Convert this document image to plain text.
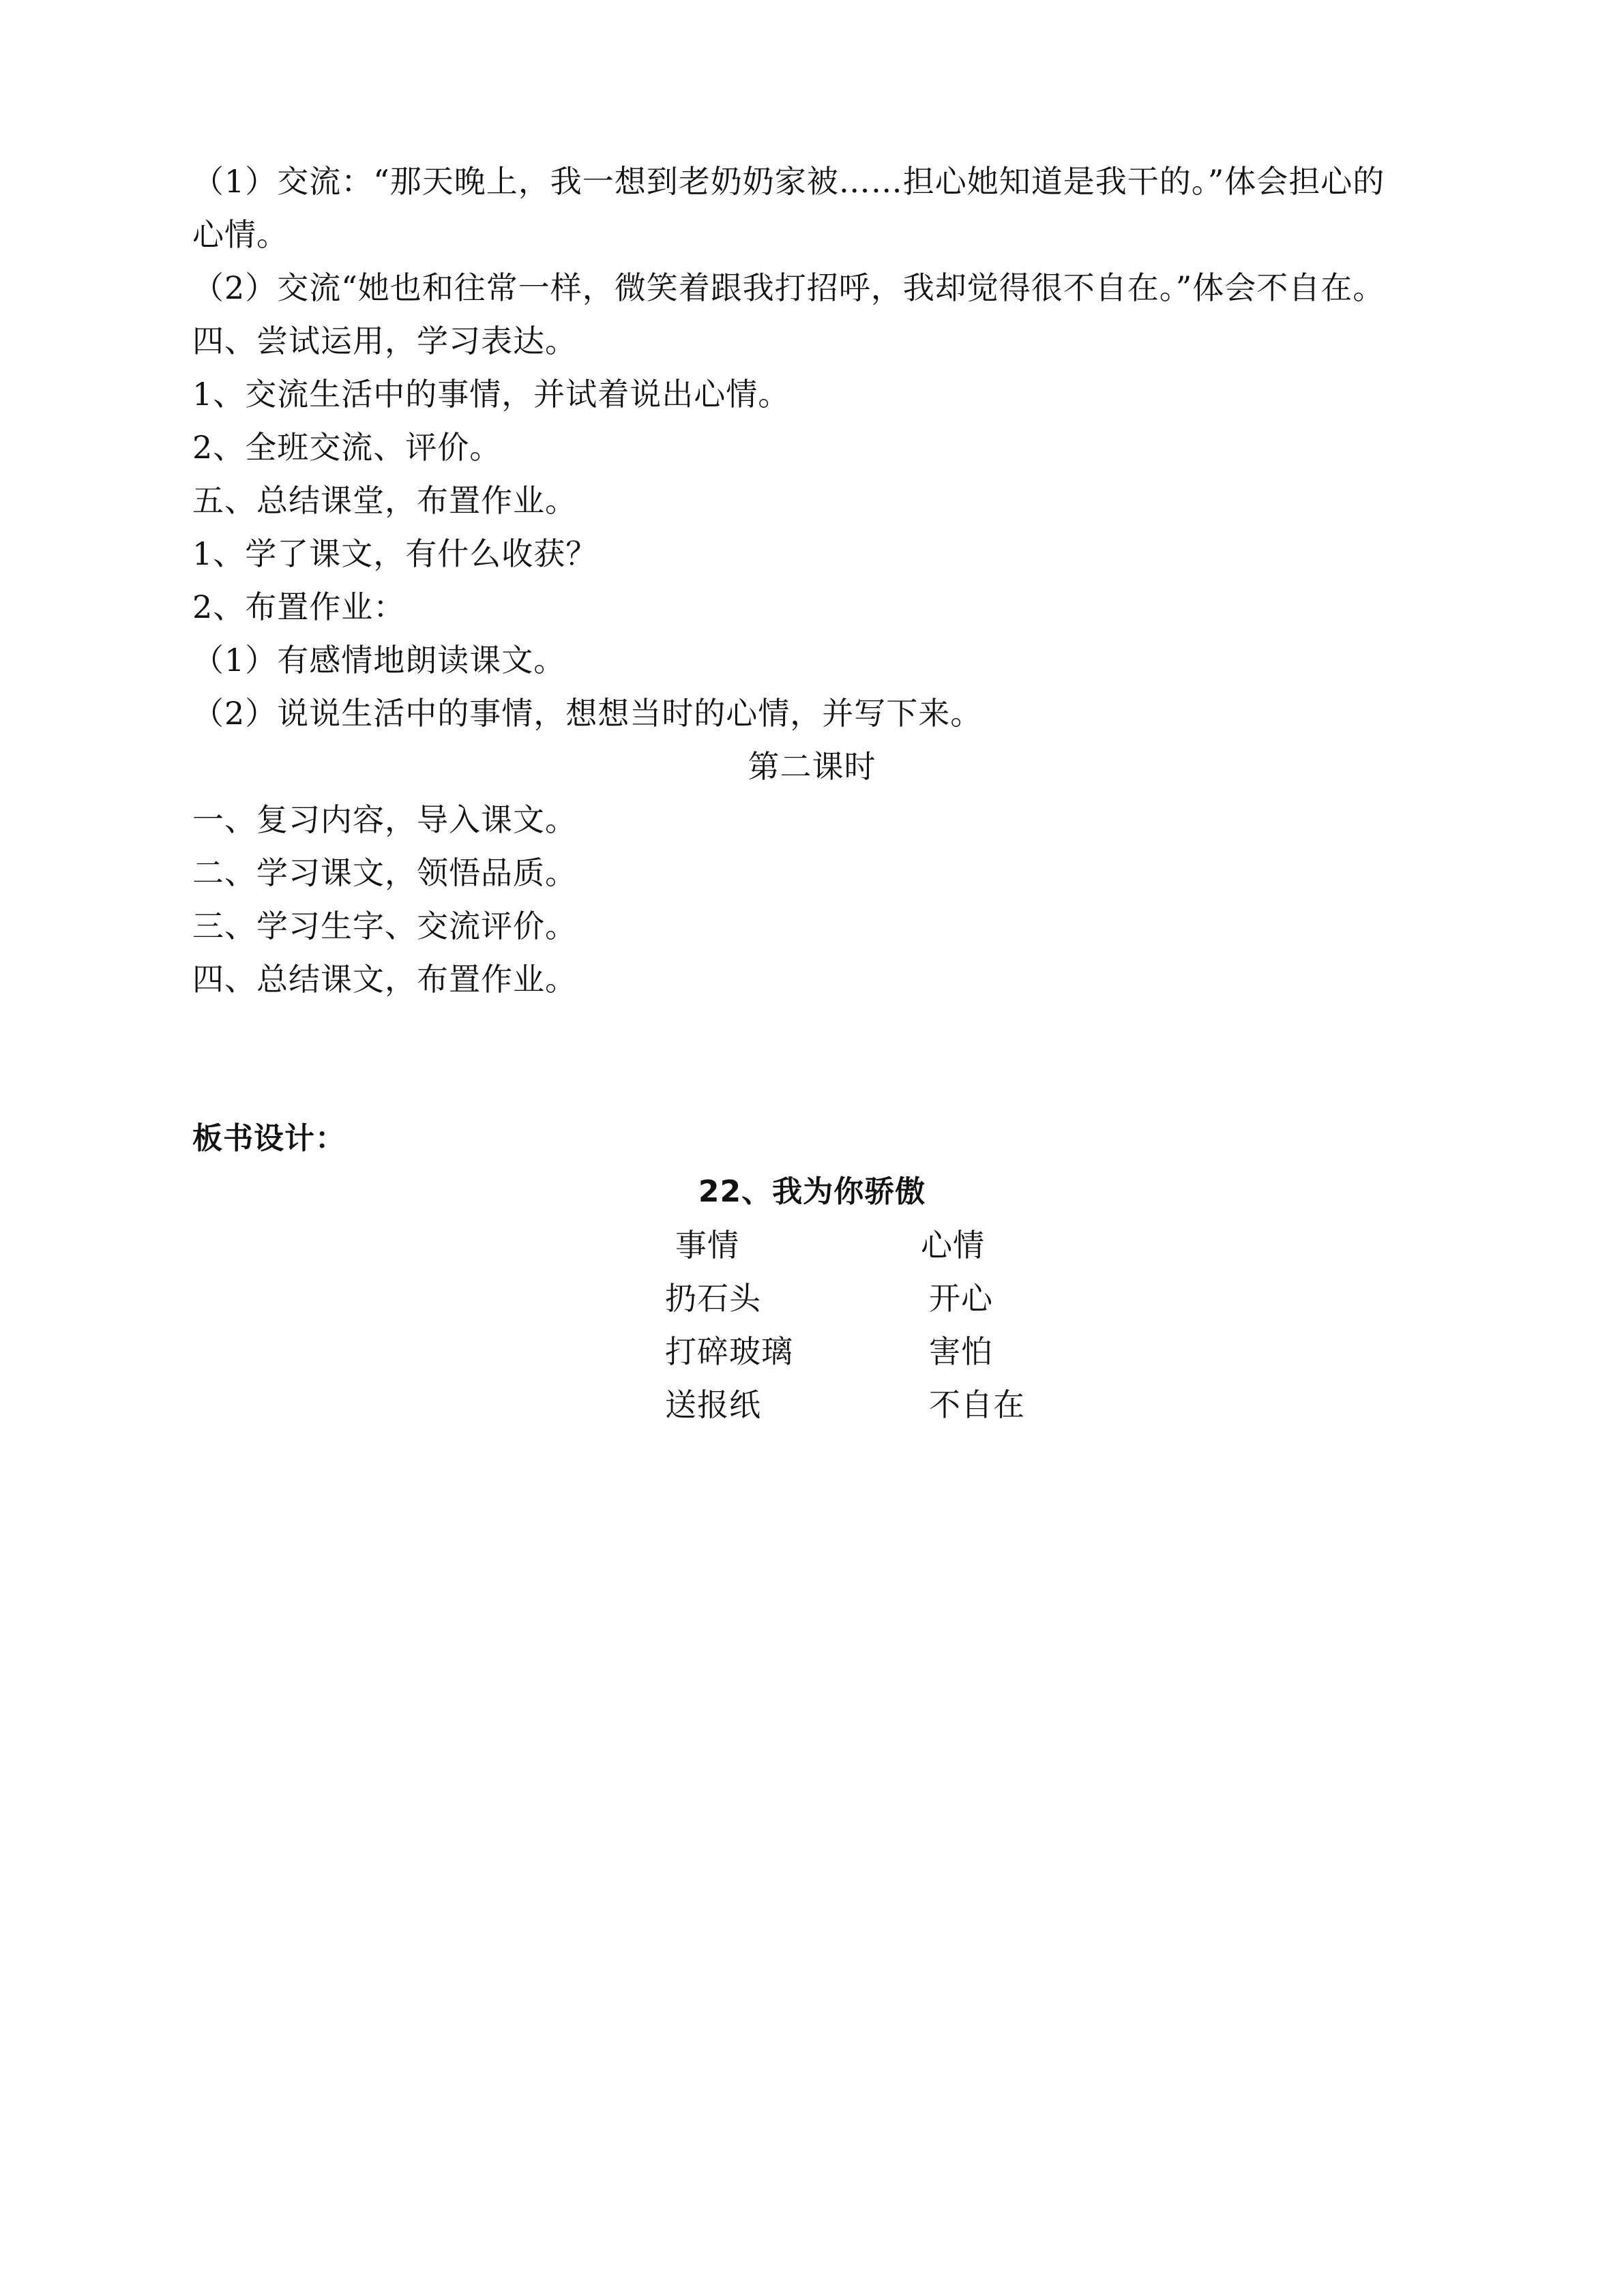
（1）交流：“那天晚上，我一想到老奶奶家被……担心她知道是我干的。”体会担心的
心情。
（2）交流“她也和往常一样，微笑着跟我打招呼，我却觉得很不自在。”体会不自在。
四、尝试运用，学习表达。
1、交流生活中的事情，并试着说出心情。
2、全班交流、评价。
五、总结课堂，布置作业。
1、学了课文，有什么收获？
2、布置作业：
（1）有感情地朗读课文。
（2）说说生活中的事情，想想当时的心情，并写下来。
第二课时
一、复习内容，导入课文。
二、学习课文，领悟品质。
三、学习生字、交流评价。
四、总结课文，布置作业。
板书设计：
22、我为你骄傲
事情	心情
扔石头	开心
打碎玻璃	害怕
送报纸	不自在
